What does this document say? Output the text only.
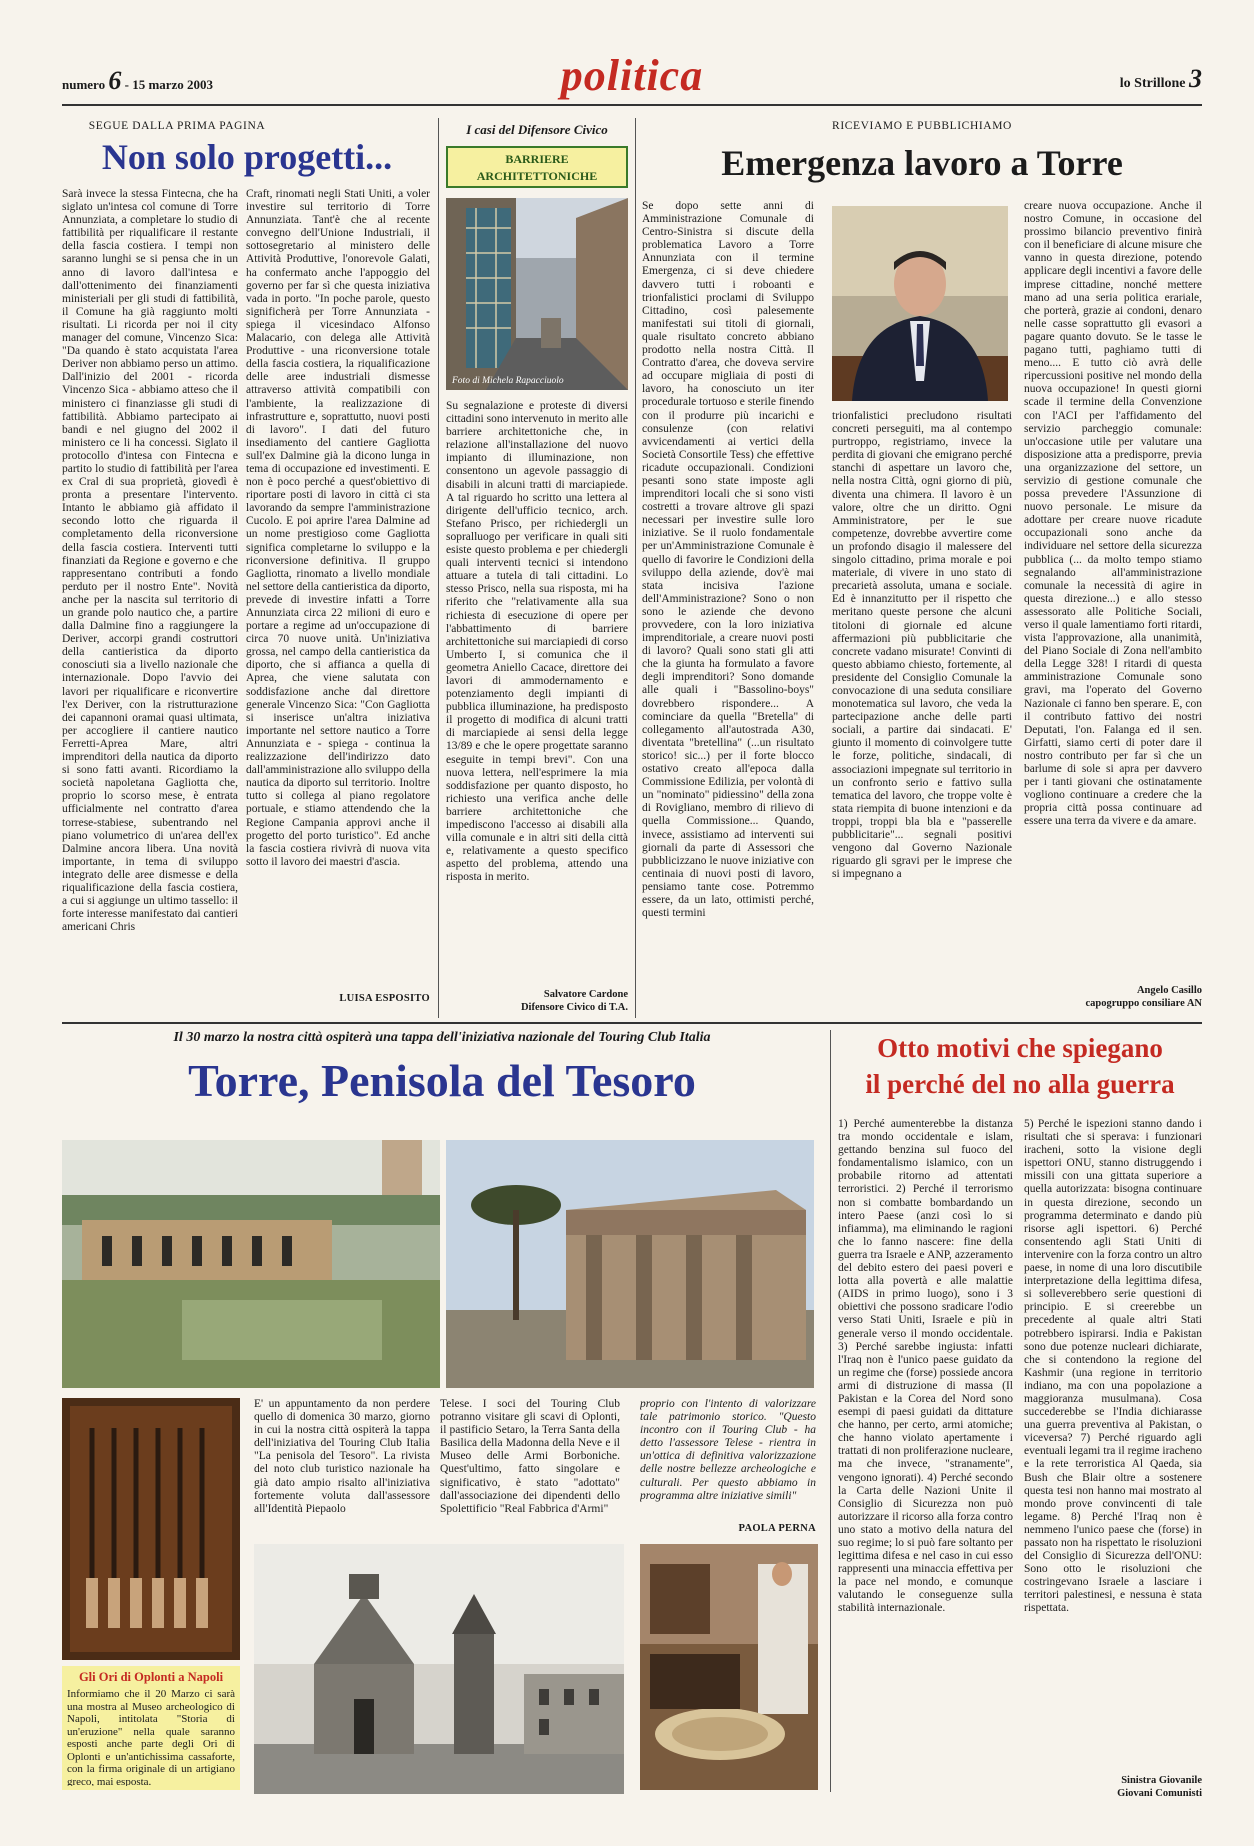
numero 6 - 15 marzo 2003	politica	lo Strillone 3
SEGUE DALLA PRIMA PAGINA
Non solo progetti...
Sarà invece la stessa Fintecna, che ha siglato un'intesa col comune di Torre Annunziata, a completare lo studio di fattibilità per riqualificare il restante della fascia costiera. I tempi non saranno lunghi se si pensa che in un anno di lavoro dall'intesa e dall'ottenimento dei finanziamenti ministeriali per gli studi di fattibilità, il Comune ha già raggiunto molti risultati. Li ricorda per noi il city manager del comune, Vincenzo Sica: "Da quando è stato acquistata l'area Deriver non abbiamo perso un attimo. Dall'inizio del 2001 - ricorda Vincenzo Sica - abbiamo atteso che il ministero ci finanziasse gli studi di fattibilità. Abbiamo partecipato ai bandi e nel giugno del 2002 il ministero ce li ha concessi. Siglato il protocollo d'intesa con Fintecna e partito lo studio di fattibilità per l'area ex Cral di sua proprietà, giovedì è pronta a presentare l'intervento. Intanto le abbiamo già affidato il secondo lotto che riguarda il completamento della riconversione della fascia costiera. Interventi tutti finanziati da Regione e governo e che rappresentano contributi a fondo perduto per il nostro Ente". Novità anche per la nascita sul territorio di un grande polo nautico che, a partire dalla Dalmine fino a raggiungere la Deriver, accorpi grandi costruttori della cantieristica da diporto conosciuti sia a livello nazionale che internazionale. Dopo l'avvio dei lavori per riqualificare e riconvertire l'ex Deriver, con la ristrutturazione dei capannoni oramai quasi ultimata, per accogliere il cantiere nautico Ferretti-Aprea Mare, altri imprenditori della nautica da diporto si sono fatti avanti. Ricordiamo la società napoletana Gagliotta che, proprio lo scorso mese, è entrata ufficialmente nel contratto d'area torrese-stabiese, subentrando nel piano volumetrico di un'area dell'ex Dalmine ancora libera. Una novità importante, in tema di sviluppo integrato delle aree dismesse e della riqualificazione della fascia costiera, a cui si aggiunge un ultimo tassello: il forte interesse manifestato dai cantieri americani Chris
Craft, rinomati negli Stati Uniti, a voler investire sul territorio di Torre Annunziata. Tant'è che al recente convegno dell'Unione Industriali, il sottosegretario al ministero delle Attività Produttive, l'onorevole Galati, ha confermato anche l'appoggio del governo per far sì che questa iniziativa vada in porto. "In poche parole, questo significherà per Torre Annunziata - spiega il vicesindaco Alfonso Malacario, con delega alle Attività Produttive - una riconversione totale della fascia costiera, la riqualificazione delle aree industriali dismesse attraverso attività compatibili con l'ambiente, la realizzazione di infrastrutture e, soprattutto, nuovi posti di lavoro". I dati del futuro insediamento del cantiere Gagliotta sull'ex Dalmine già la dicono lunga in tema di occupazione ed investimenti. E non è poco perché a quest'obiettivo di riportare posti di lavoro in città ci sta lavorando da sempre l'amministrazione Cucolo. E poi aprire l'area Dalmine ad un nome prestigioso come Gagliotta significa completarne lo sviluppo e la riconversione definitiva. Il gruppo Gagliotta, rinomato a livello mondiale nel settore della cantieristica da diporto, prevede di investire infatti a Torre Annunziata circa 22 milioni di euro e portare a regime ad un'occupazione di circa 70 nuove unità. Un'iniziativa grossa, nel campo della cantieristica da diporto, che si affianca a quella di Aprea, che viene salutata con soddisfazione anche dal direttore generale Vincenzo Sica: "Con Gagliotta si inserisce un'altra iniziativa importante nel settore nautico a Torre Annunziata e - spiega - continua la realizzazione dell'indirizzo dato dall'amministrazione allo sviluppo della nautica da diporto sul territorio. Inoltre tutto si collega al piano regolatore portuale, e stiamo attendendo che la Regione Campania approvi anche il progetto del porto turistico". Ed anche la fascia costiera rivivrà di nuova vita sotto il lavoro dei maestri d'ascia.
LUISA ESPOSITO
I casi del Difensore Civico
BARRIERE ARCHITETTONICHE
Foto di Michela Rapacciuolo
Su segnalazione e proteste di diversi cittadini sono intervenuto in merito alle barriere architettoniche che, in relazione all'installazione del nuovo impianto di illuminazione, non consentono un agevole passaggio di disabili in alcuni tratti di marciapiede. A tal riguardo ho scritto una lettera al dirigente dell'ufficio tecnico, arch. Stefano Prisco, per richiedergli un sopralluogo per verificare in quali siti esiste questo problema e per chiedergli quali interventi tecnici si intendono attuare a tutela di tali cittadini. Lo stesso Prisco, nella sua risposta, mi ha riferito che "relativamente alla sua richiesta di esecuzione di opere per l'abbattimento di barriere architettoniche sui marciapiedi di corso Umberto I, si comunica che il geometra Aniello Cacace, direttore dei lavori di ammodernamento e potenziamento degli impianti di pubblica illuminazione, ha predisposto il progetto di modifica di alcuni tratti di marciapiede ai sensi della legge 13/89 e che le opere progettate saranno eseguite in tempi brevi". Con una nuova lettera, nell'esprimere la mia soddisfazione per quanto disposto, ho richiesto una verifica anche delle barriere architettoniche che impediscono l'accesso ai disabili alla villa comunale e in altri siti della città e, relativamente a questo specifico aspetto del problema, attendo una risposta in merito.
Salvatore Cardone
Difensore Civico di T.A.
RICEVIAMO E PUBBLICHIAMO
Emergenza lavoro a Torre
Se dopo sette anni di Amministrazione Comunale di Centro-Sinistra si discute della problematica Lavoro a Torre Annunziata con il termine Emergenza, ci si deve chiedere davvero tutti i roboanti e trionfalistici proclami di Sviluppo Cittadino, così palesemente manifestati sui titoli di giornali, quale risultato concreto abbiano prodotto nella nostra Città. Il Contratto d'area, che doveva servire ad occupare migliaia di posti di lavoro, ha conosciuto un iter procedurale tortuoso e sterile finendo con il produrre più incarichi e consulenze (con relativi avvicendamenti ai vertici della Società Consortile Tess) che effettive ricadute occupazionali. Condizioni pesanti sono state imposte agli imprenditori locali che si sono visti costretti a trovare altrove gli spazi necessari per investire sulle loro iniziative. Se il ruolo fondamentale per un'Amministrazione Comunale è quello di favorire le Condizioni della sviluppo della aziende, dov'è mai stata incisiva l'azione dell'Amministrazione? Sono o non sono le aziende che devono provvedere, con la loro iniziativa imprenditoriale, a creare nuovi posti di lavoro? Quali sono stati gli atti che la giunta ha formulato a favore degli imprenditori? Sono domande alle quali i "Bassolino-boys" dovrebbero rispondere... A cominciare da quella "Bretella" di collegamento all'autostrada A30, diventata "bretellina" (...un risultato storico! sic...) per il forte blocco ostativo creato all'epoca dalla Commissione Edilizia, per volontà di un "nominato" pidiessino" della zona di Rovigliano, membro di rilievo di quella Commissione... Quando, invece, assistiamo ad interventi sui giornali da parte di Assessori che pubblicizzano le nuove iniziative con centinaia di nuovi posti di lavoro, pensiamo tante cose. Potremmo essere, da un lato, ottimisti perché, questi termini
trionfalistici precludono risultati concreti perseguiti, ma al contempo purtroppo, registriamo, invece la perdita di giovani che emigrano perché stanchi di aspettare un lavoro che, nella nostra Città, ogni giorno di più, diventa una chimera. Il lavoro è un valore, oltre che un diritto. Ogni Amministratore, per le sue competenze, dovrebbe avvertire come un profondo disagio il malessere del singolo cittadino, prima morale e poi materiale, di vivere in uno stato di precarietà assoluta, umana e sociale. Ed è innanzitutto per il rispetto che meritano queste persone che alcuni titoloni di giornale ed alcune affermazioni più pubblicitarie che concrete vadano misurate! Convinti di questo abbiamo chiesto, fortemente, al presidente del Consiglio Comunale la convocazione di una seduta consiliare monotematica sul lavoro, che veda la partecipazione anche delle parti sociali, a partire dai sindacati. E' giunto il momento di coinvolgere tutte le forze, politiche, sindacali, di associazioni impegnate sul territorio in un confronto serio e fattivo sulla tematica del lavoro, che troppe volte è stata riempita di buone intenzioni e da troppi, troppi bla bla e "passerelle pubblicitarie"... segnali positivi vengono dal Governo Nazionale riguardo gli sgravi per le imprese che si impegnano a
creare nuova occupazione. Anche il nostro Comune, in occasione del prossimo bilancio preventivo finirà con il beneficiare di alcune misure che vanno in questa direzione, potendo applicare degli incentivi a favore delle imprese cittadine, nonché mettere mano ad una seria politica erariale, che porterà, grazie ai condoni, denaro nelle casse soprattutto gli evasori a pagare quanto dovuto. Se le tasse le pagano tutti, paghiamo tutti di meno.... E tutto ciò avrà delle ripercussioni positive nel mondo della nuova occupazione! In questi giorni scade il termine della Convenzione con l'ACI per l'affidamento del servizio parcheggio comunale: un'occasione utile per valutare una disposizione atta a predisporre, previa una organizzazione del settore, un servizio di gestione comunale che possa prevedere l'Assunzione di nuovo personale. Le misure da adottare per creare nuove ricadute occupazionali sono anche da individuare nel settore della sicurezza pubblica (... da molto tempo stiamo segnalando all'amministrazione comunale la necessità di agire in questa direzione...) e allo stesso assessorato alle Politiche Sociali, verso il quale lamentiamo forti ritardi, vista l'approvazione, alla unanimità, del Piano Sociale di Zona nell'ambito della Legge 328! I ritardi di questa amministrazione Comunale sono gravi, ma l'operato del Governo Nazionale ci fanno ben sperare. E, con il contributo fattivo dei nostri Deputati, l'on. Falanga ed il sen. Girfatti, siamo certi di poter dare il nostro contributo per far sì che un barlume di sole si apra per davvero per i tanti giovani che ostinatamente vogliono continuare a credere che la propria città possa continuare ad essere una terra da vivere e da amare.
Angelo Casillo
capogruppo consiliare AN
Il 30 marzo la nostra città ospiterà una tappa dell'iniziativa nazionale del Touring Club Italia
Torre, Penisola del Tesoro
Gli Ori di Oplonti a Napoli
Informiamo che il 20 Marzo ci sarà una mostra al Museo archeologico di Napoli, intitolata "Storia di un'eruzione" nella quale saranno esposti anche parte degli Ori di Oplonti e un'antichissima cassaforte, con la firma originale di un artigiano greco, mai esposta.
E' un appuntamento da non perdere quello di domenica 30 marzo, giorno in cui la nostra città ospiterà la tappa dell'iniziativa del Touring Club Italia "La penisola del Tesoro". La rivista del noto club turistico nazionale ha già dato ampio risalto all'iniziativa fortemente voluta dall'assessore all'Identità Piepaolo
Telese. I soci del Touring Club potranno visitare gli scavi di Oplonti, il pastificio Setaro, la Terra Santa della Basilica della Madonna della Neve e il Museo delle Armi Borboniche. Quest'ultimo, fatto singolare e significativo, è stato "adottato" dall'associazione dei dipendenti dello Spolettificio "Real Fabbrica d'Armi"
proprio con l'intento di valorizzare tale patrimonio storico. "Questo incontro con il Touring Club - ha detto l'assessore Telese - rientra in un'ottica di definitiva valorizzazione delle nostre bellezze archeologiche e culturali. Per questo abbiamo in programma altre iniziative simili"
PAOLA PERNA
Otto motivi che spiegano
il perché del no alla guerra
1) Perché aumenterebbe la distanza tra mondo occidentale e islam, gettando benzina sul fuoco del fondamentalismo islamico, con un probabile ritorno ad attentati terroristici. 2) Perché il terrorismo non si combatte bombardando un intero Paese (anzi così lo si infiamma), ma eliminando le ragioni che lo fanno nascere: fine della guerra tra Israele e ANP, azzeramento del debito estero dei paesi poveri e lotta alla povertà e alle malattie (AIDS in primo luogo), sono i 3 obiettivi che possono sradicare l'odio verso Stati Uniti, Israele e più in generale verso il mondo occidentale. 3) Perché sarebbe ingiusta: infatti l'Iraq non è l'unico paese guidato da un regime che (forse) possiede ancora armi di distruzione di massa (Il Pakistan e la Corea del Nord sono esempi di paesi guidati da dittature che hanno, per certo, armi atomiche; che hanno violato apertamente i trattati di non proliferazione nucleare, ma che invece, "stranamente", vengono ignorati). 4) Perché secondo la Carta delle Nazioni Unite il Consiglio di Sicurezza non può autorizzare il ricorso alla forza contro uno stato a motivo della natura del suo regime; lo si può fare soltanto per legittima difesa e nel caso in cui esso rappresenti una minaccia effettiva per la pace nel mondo, e comunque valutando le conseguenze sulla stabilità internazionale.
5) Perché le ispezioni stanno dando i risultati che si sperava: i funzionari iracheni, sotto la visione degli ispettori ONU, stanno distruggendo i missili con una gittata superiore a quella autorizzata: bisogna continuare in questa direzione, secondo un programma determinato e dando più risorse agli ispettori. 6) Perché consentendo agli Stati Uniti di intervenire con la forza contro un altro paese, in nome di una loro discutibile interpretazione della legittima difesa, si solleverebbero serie questioni di principio. E si creerebbe un precedente al quale altri Stati potrebbero ispirarsi. India e Pakistan sono due potenze nucleari dichiarate, che si contendono la regione del Kashmir (una regione in territorio indiano, ma con una popolazione a maggioranza musulmana). Cosa succederebbe se l'India dichiarasse una guerra preventiva al Pakistan, o viceversa? 7) Perché riguardo agli eventuali legami tra il regime iracheno e la rete terroristica Al Qaeda, sia Bush che Blair oltre a sostenere questa tesi non hanno mai mostrato al mondo prove convincenti di tale legame. 8) Perché l'Iraq non è nemmeno l'unico paese che (forse) in passato non ha rispettato le risoluzioni del Consiglio di Sicurezza dell'ONU: Sono otto le risoluzioni che costringevano Israele a lasciare i territori palestinesi, e nessuna è stata rispettata.
Sinistra Giovanile
Giovani Comunisti
